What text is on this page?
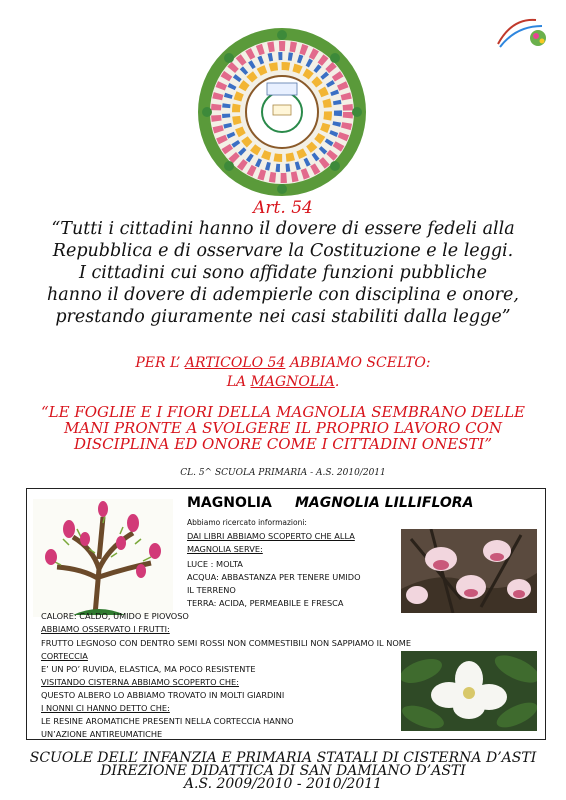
Art. 54
“Tutti i cittadini hanno il dovere di essere fedeli alla
Repubblica e di osservare la Costituzione e le leggi.
I cittadini cui sono affidate funzioni pubbliche
hanno il dovere di adempierle con disciplina e onore,
prestando giuramente nei casi stabiliti dalla legge”
PER L’ ARTICOLO 54 ABBIAMO SCELTO:
LA MAGNOLIA.
“LE FOGLIE E I FIORI DELLA MAGNOLIA SEMBRANO DELLE
MANI PRONTE A SVOLGERE IL PROPRIO LAVORO CON
DISCIPLINA ED ONORE COME I CITTADINI ONESTI”
CL. 5^ SCUOLA PRIMARIA - A.S. 2010/2011
MAGNOLIA MAGNOLIA LILLIFLORA
Abbiamo ricercato informazioni:
DAI LIBRI ABBIAMO SCOPERTO CHE ALLA
MAGNOLIA SERVE:
LUCE : MOLTA
ACQUA: ABBASTANZA PER TENERE UMIDO
IL TERRENO
TERRA: ACIDA, PERMEABILE E FRESCA
CALORE: CALDO, UMIDO E PIOVOSO
ABBIAMO OSSERVATO I FRUTTI:
FRUTTO LEGNOSO CON DENTRO SEMI ROSSI NON COMMESTIBILI NON SAPPIAMO IL NOME
CORTECCIA
E’ UN PO’ RUVIDA, ELASTICA, MA POCO RESISTENTE
VISITANDO CISTERNA ABBIAMO SCOPERTO CHE:
QUESTO ALBERO LO ABBIAMO TROVATO IN MOLTI GIARDINI
I NONNI CI HANNO DETTO CHE:
LE RESINE AROMATICHE PRESENTI NELLA CORTECCIA HANNO
UN’AZIONE ANTIREUMATICHE
SCUOLE DELL’ INFANZIA E PRIMARIA STATALI DI CISTERNA D’ASTI
DIREZIONE DIDATTICA DI SAN DAMIANO D’ASTI
A.S. 2009/2010 - 2010/2011
